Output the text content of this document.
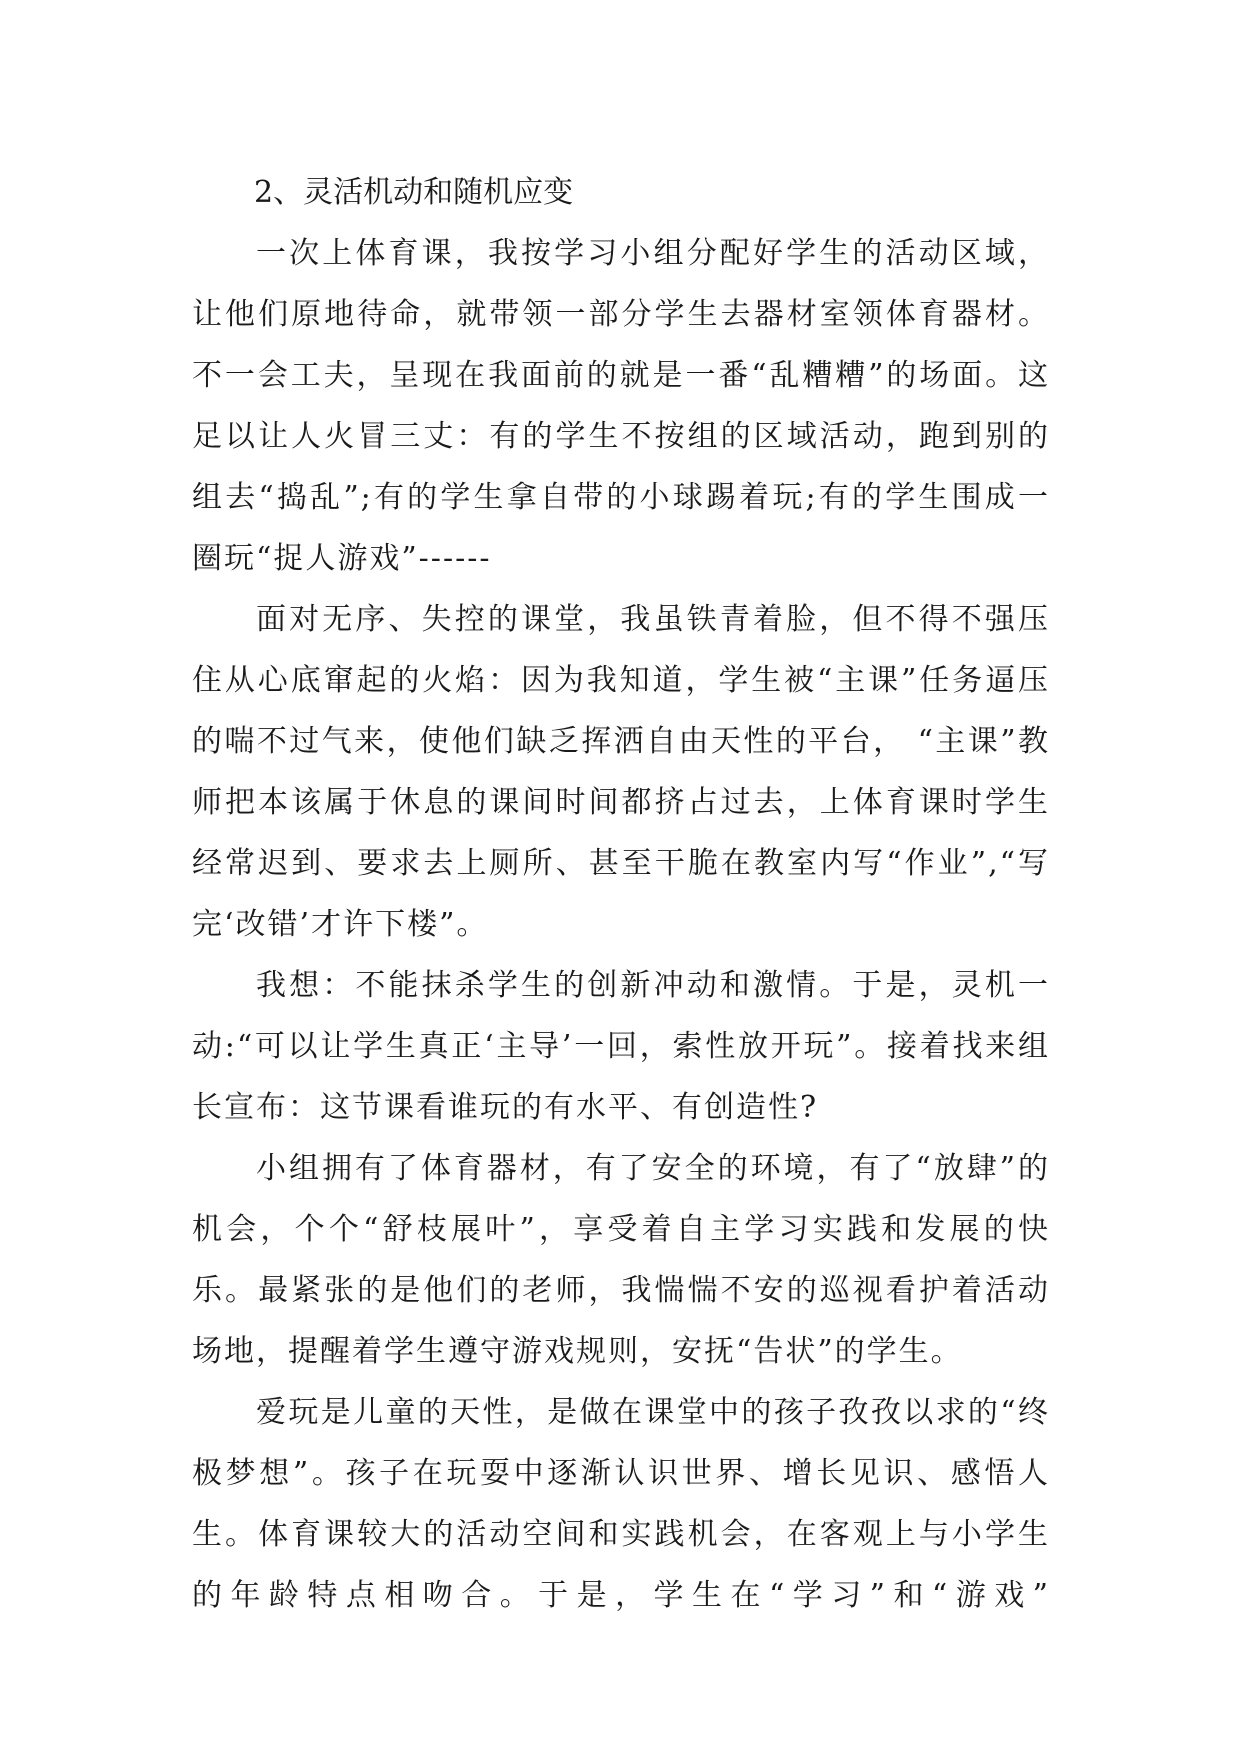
2、灵活机动和随机应变

一次上体育课，我按学习小组分配好学生的活动区域，让他们原地待命，就带领一部分学生去器材室领体育器材。不一会工夫，呈现在我面前的就是一番“乱糟糟”的场面。这足以让人火冒三丈：有的学生不按组的区域活动，跑到别的组去“捣乱”;有的学生拿自带的小球踢着玩;有的学生围成一圈玩“捉人游戏”------

面对无序、失控的课堂，我虽铁青着脸，但不得不强压住从心底窜起的火焰：因为我知道，学生被“主课”任务逼压的喘不过气来，使他们缺乏挥洒自由天性的平台， “主课”教师把本该属于休息的课间时间都挤占过去，上体育课时学生经常迟到、要求去上厕所、甚至干脆在教室内写“作业”,“写完‘改错’才许下楼”。

我想：不能抹杀学生的创新冲动和激情。于是，灵机一动:“可以让学生真正‘主导’一回，索性放开玩”。接着找来组长宣布：这节课看谁玩的有水平、有创造性?

小组拥有了体育器材，有了安全的环境，有了“放肆”的机会，个个“舒枝展叶”，享受着自主学习实践和发展的快乐。最紧张的是他们的老师，我惴惴不安的巡视看护着活动场地，提醒着学生遵守游戏规则，安抚“告状”的学生。

爱玩是儿童的天性，是做在课堂中的孩子孜孜以求的“终极梦想”。孩子在玩耍中逐渐认识世界、增长见识、感悟人生。体育课较大的活动空间和实践机会，在客观上与小学生的年龄特点相吻合。于是，学生在“学习”和“游戏”
